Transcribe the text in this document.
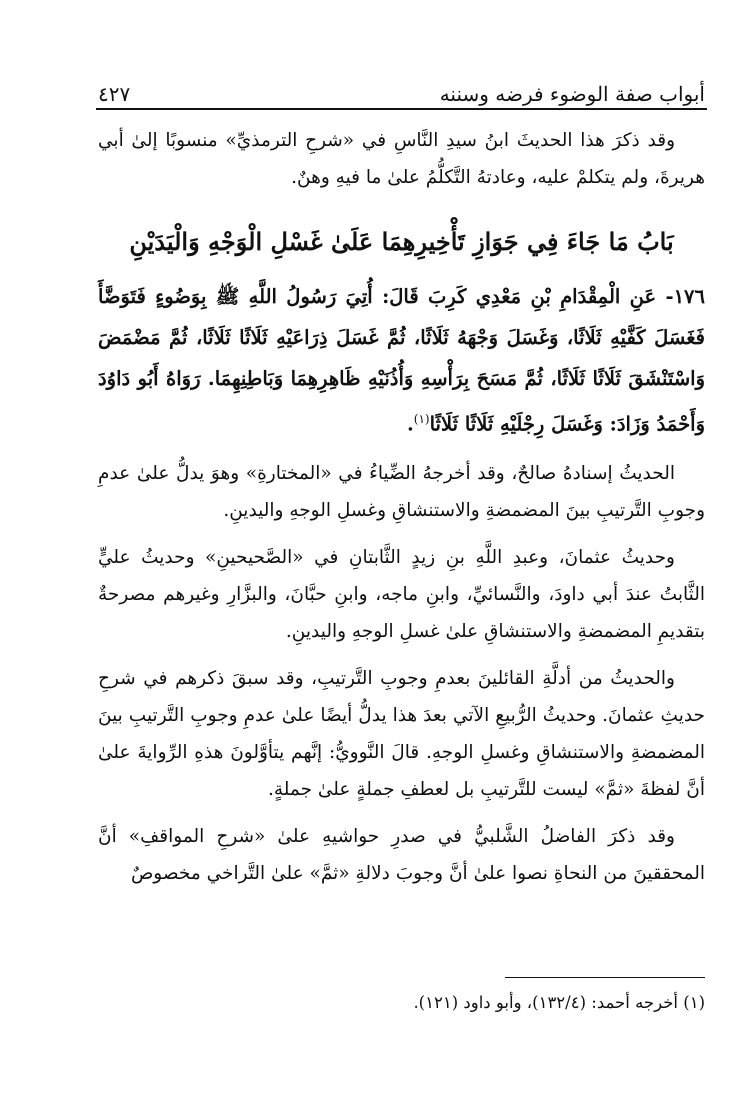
أبواب صفة الوضوء فرضه وسننه
٤٢٧

وقد ذكرَ هذا الحديثَ ابنُ سيدِ النَّاسِ في «شرحِ الترمذيِّ» منسوبًا إلىٰ أبي هريرةَ، ولم يتكلمْ عليه، وعادتهُ التَّكلُّمُ علىٰ ما فيهِ وهنٌ.

بَابُ مَا جَاءَ فِي جَوَازِ تَأْخِيرِهِمَا عَلَىٰ غَسْلِ الْوَجْهِ وَالْيَدَيْنِ

١٧٦- عَنِ الْمِقْدَامِ بْنِ مَعْدِي كَرِبَ قَالَ: أُتِيَ رَسُولُ اللَّهِ ﷺ بِوَضُوءٍ فَتَوَضَّأَ فَغَسَلَ كَفَّيْهِ ثَلَاثًا، وَغَسَلَ وَجْهَهُ ثَلَاثًا، ثُمَّ غَسَلَ ذِرَاعَيْهِ ثَلَاثًا ثَلَاثًا، ثُمَّ مَضْمَضَ وَاسْتَنْشَقَ ثَلَاثًا ثَلَاثًا، ثُمَّ مَسَحَ بِرَأْسِهِ وَأُذُنَيْهِ ظَاهِرِهِمَا وَبَاطِنِهِمَا. رَوَاهُ أَبُو دَاوُدَ وَأَحْمَدُ وَزَادَ: وَغَسَلَ رِجْلَيْهِ ثَلَاثًا ثَلَاثًا$^{(١)}$.

الحديثُ إسنادهُ صالحٌ، وقد أخرجهُ الضِّياءُ في «المختارةِ» وهوَ يدلُّ علىٰ عدمِ وجوبِ التَّرتيبِ بينَ المضمضةِ والاستنشاقِ وغسلِ الوجهِ واليدينِ.

وحديثُ عثمانَ، وعبدِ اللَّهِ بنِ زيدٍ الثَّابتانِ في «الصَّحيحينِ» وحديثُ عليٍّ الثَّابتُ عندَ أبي داودَ، والنَّسائيِّ، وابنِ ماجه، وابنِ حبَّانَ، والبزَّارِ وغيرهم مصرحةٌ بتقديمِ المضمضةِ والاستنشاقِ علىٰ غسلِ الوجهِ واليدينِ.

والحديثُ من أدلَّةِ القائلينَ بعدمِ وجوبِ التَّرتيبِ، وقد سبقَ ذكرهم في شرحِ حديثِ عثمانَ. وحديثُ الرُّبيعِ الآتي بعدَ هذا يدلُّ أيضًا علىٰ عدمِ وجوبِ التَّرتيبِ بينَ المضمضةِ والاستنشاقِ وغسلِ الوجهِ. قالَ النَّوويُّ: إنَّهم يتأوَّلونَ هذهِ الرِّوايةَ علىٰ أنَّ لفظةَ «ثمَّ» ليست للتَّرتيبِ بل لعطفِ جملةٍ علىٰ جملةٍ.

وقد ذكرَ الفاضلُ الشَّلبيُّ في صدرِ حواشيهِ علىٰ «شرحِ المواقفِ» أنَّ المحققينَ من النحاةِ نصوا علىٰ أنَّ وجوبَ دلالةِ «ثمَّ» علىٰ التَّراخي مخصوصٌ

(١) أخرجه أحمد: (١٣٢/٤)، وأبو داود (١٢١).
